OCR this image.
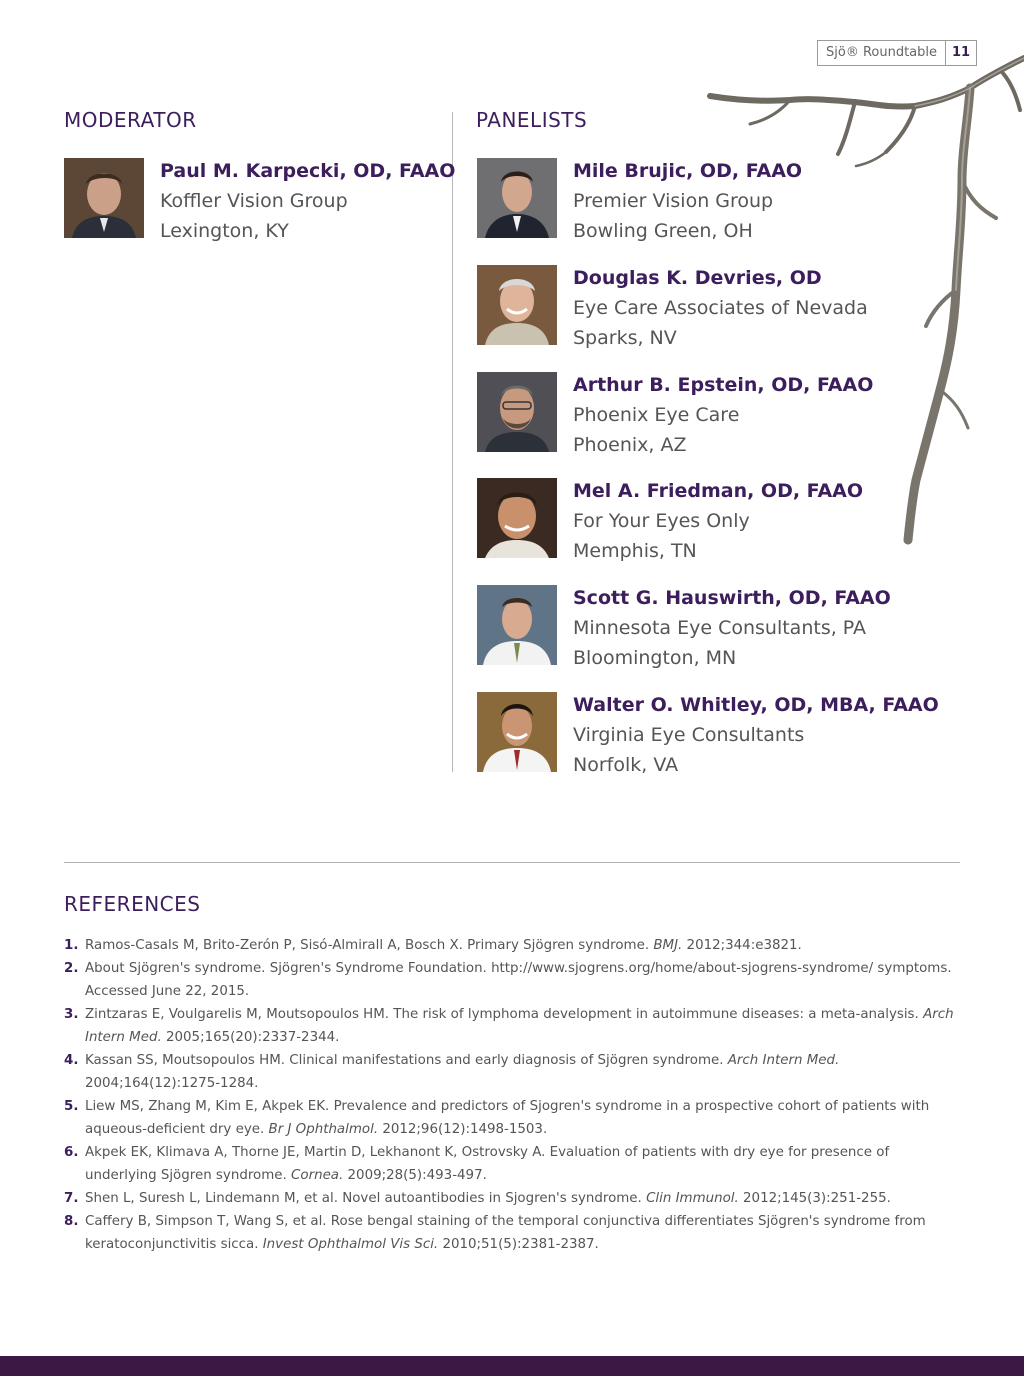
Sjö® Roundtable	11
MODERATOR	PANELISTS
Paul M. Karpecki, OD, FAAO
Koffler Vision Group
Lexington, KY
Mile Brujic, OD, FAAO
Premier Vision Group
Bowling Green, OH
Douglas K. Devries, OD
Eye Care Associates of Nevada
Sparks, NV
Arthur B. Epstein, OD, FAAO
Phoenix Eye Care
Phoenix, AZ
Mel A. Friedman, OD, FAAO
For Your Eyes Only
Memphis, TN
Scott G. Hauswirth, OD, FAAO
Minnesota Eye Consultants, PA
Bloomington, MN
Walter O. Whitley, OD, MBA, FAAO
Virginia Eye Consultants
Norfolk, VA
REFERENCES
1. Ramos-Casals M, Brito-Zerón P, Sisó-Almirall A, Bosch X. Primary Sjögren syndrome. BMJ. 2012;344:e3821.
2. About Sjögren's syndrome. Sjögren's Syndrome Foundation. http://www.sjogrens.org/home/about-sjogrens-syndrome/ symptoms. Accessed June 22, 2015.
3. Zintzaras E, Voulgarelis M, Moutsopoulos HM. The risk of lymphoma development in autoimmune diseases: a meta-analysis. Arch Intern Med. 2005;165(20):2337-2344.
4. Kassan SS, Moutsopoulos HM. Clinical manifestations and early diagnosis of Sjögren syndrome. Arch Intern Med. 2004;164(12):1275-1284.
5. Liew MS, Zhang M, Kim E, Akpek EK. Prevalence and predictors of Sjogren's syndrome in a prospective cohort of patients with aqueous-deficient dry eye. Br J Ophthalmol. 2012;96(12):1498-1503.
6. Akpek EK, Klimava A, Thorne JE, Martin D, Lekhanont K, Ostrovsky A. Evaluation of patients with dry eye for presence of underlying Sjögren syndrome. Cornea. 2009;28(5):493-497.
7. Shen L, Suresh L, Lindemann M, et al. Novel autoantibodies in Sjogren's syndrome. Clin Immunol. 2012;145(3):251-255.
8. Caffery B, Simpson T, Wang S, et al. Rose bengal staining of the temporal conjunctiva differentiates Sjögren's syndrome from keratoconjunctivitis sicca. Invest Ophthalmol Vis Sci. 2010;51(5):2381-2387.
